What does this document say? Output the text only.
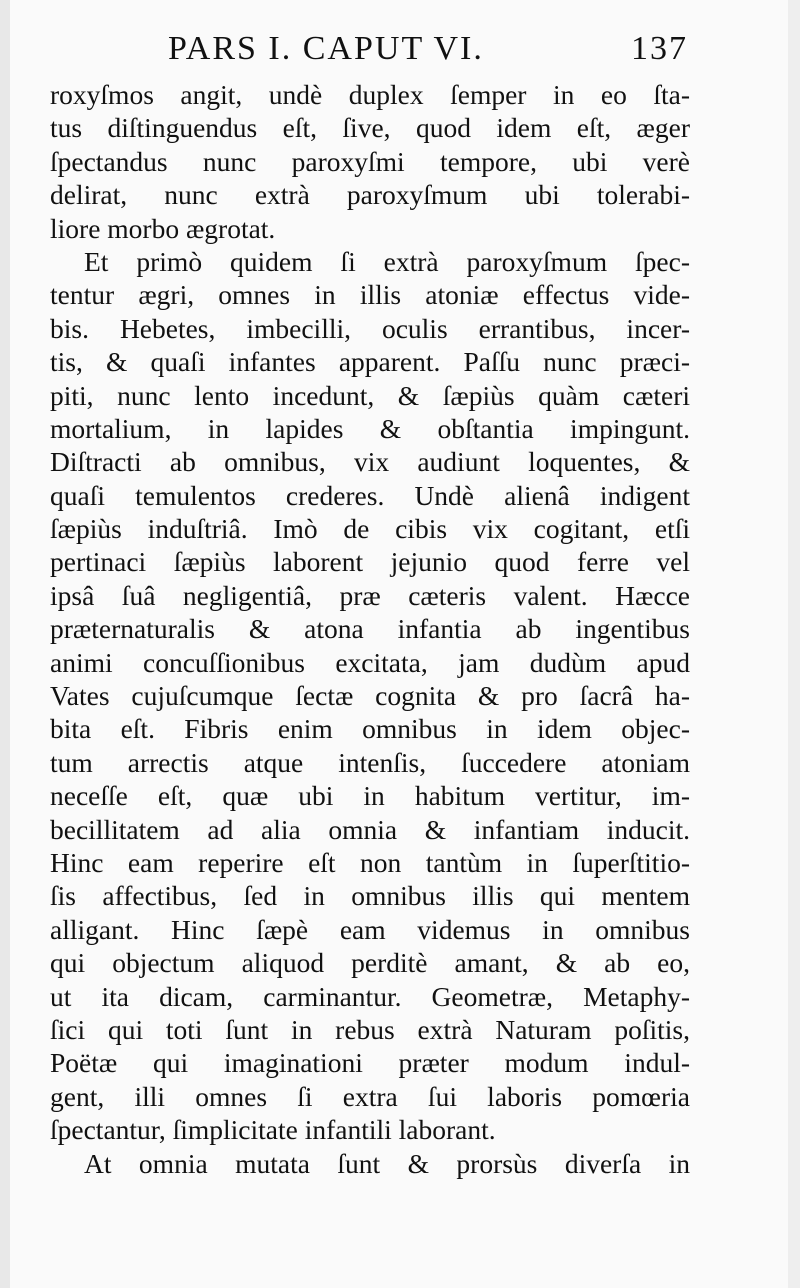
PARS I. CAPUT VI.	137
roxyſmos angit, undè duplex ſemper in eo ſta-
tus diſtinguendus eſt, ſive, quod idem eſt, æger
ſpectandus nunc paroxyſmi tempore, ubi verè
delirat, nunc extrà paroxyſmum ubi tolerabi-
liore morbo ægrotat.
Et primò quidem ſi extrà paroxyſmum ſpec-
tentur ægri, omnes in illis atoniæ effectus vide-
bis. Hebetes, imbecilli, oculis errantibus, incer-
tis, & quaſi infantes apparent. Paſſu nunc præci-
piti, nunc lento incedunt, & ſæpiùs quàm cæteri
mortalium, in lapides & obſtantia impingunt.
Diſtracti ab omnibus, vix audiunt loquentes, &
quaſi temulentos crederes. Undè alienâ indigent
ſæpiùs induſtriâ. Imò de cibis vix cogitant, etſi
pertinaci ſæpiùs laborent jejunio quod ferre vel
ipsâ ſuâ negligentiâ, præ cæteris valent. Hæcce
præternaturalis & atona infantia ab ingentibus
animi concuſſionibus excitata, jam dudùm apud
Vates cujuſcumque ſectæ cognita & pro ſacrâ ha-
bita eſt. Fibris enim omnibus in idem objec-
tum arrectis atque intenſis, ſuccedere atoniam
neceſſe eſt, quæ ubi in habitum vertitur, im-
becillitatem ad alia omnia & infantiam inducit.
Hinc eam reperire eſt non tantùm in ſuperſtitio-
ſis affectibus, ſed in omnibus illis qui mentem
alligant. Hinc ſæpè eam videmus in omnibus
qui objectum aliquod perditè amant, & ab eo,
ut ita dicam, carminantur. Geometræ, Metaphy-
ſici qui toti ſunt in rebus extrà Naturam poſitis,
Poëtæ qui imaginationi præter modum indul-
gent, illi omnes ſi extra ſui laboris pomœria
ſpectantur, ſimplicitate infantili laborant.
At omnia mutata ſunt & prorsùs diverſa in
